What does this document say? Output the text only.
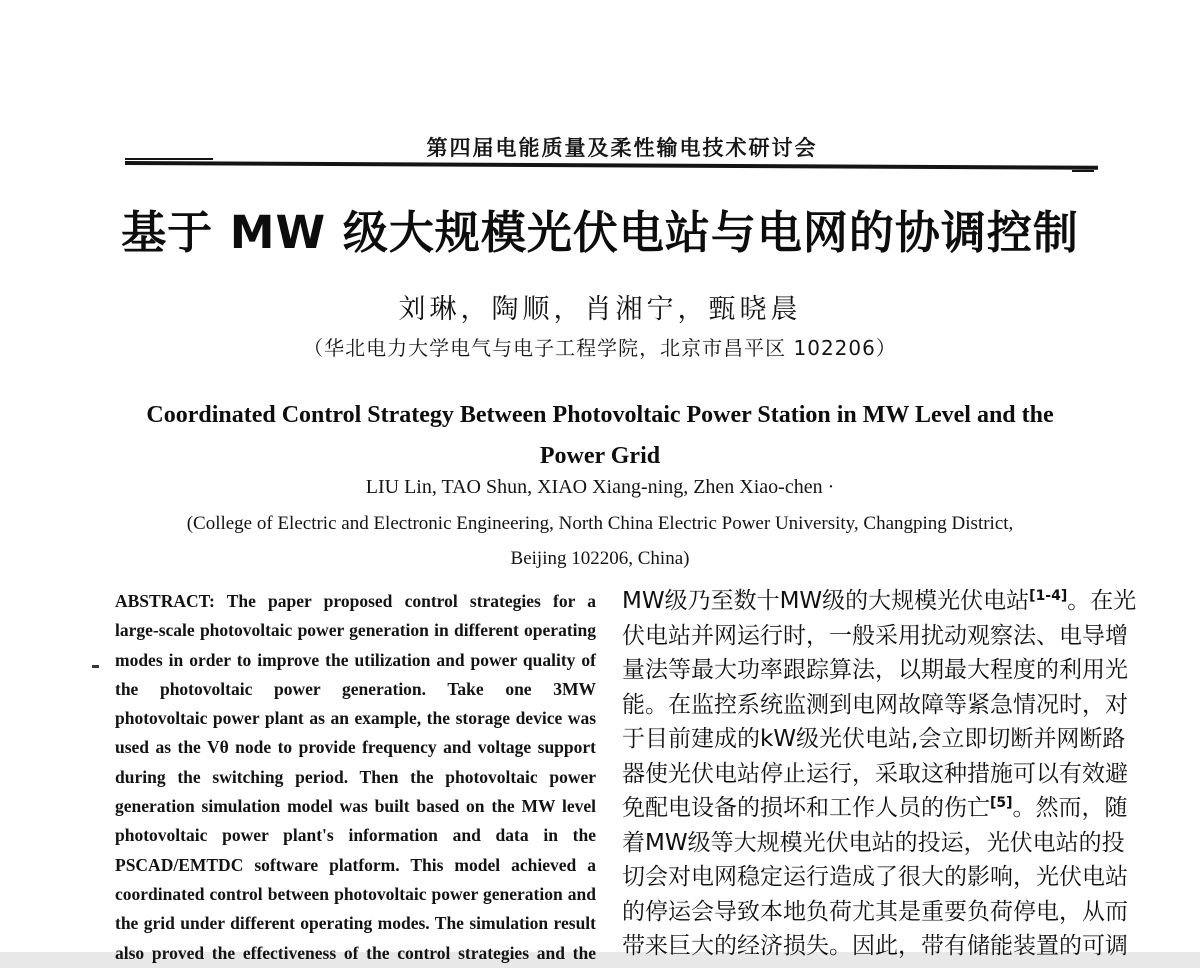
第四届电能质量及柔性输电技术研讨会
基于 MW 级大规模光伏电站与电网的协调控制
刘琳，陶顺，肖湘宁，甄晓晨
（华北电力大学电气与电子工程学院，北京市昌平区 102206）
Coordinated Control Strategy Between Photovoltaic Power Station in MW Level and the
Power Grid
LIU Lin, TAO Shun, XIAO Xiang-ning, Zhen Xiao-chen ·
(College of Electric and Electronic Engineering, North China Electric Power University, Changping District,
Beijing 102206, China)
ABSTRACT: The paper proposed control strategies for a
large-scale photovoltaic power generation in different operating
modes in order to improve the utilization and power quality of
the photovoltaic power generation. Take one 3MW
photovoltaic power plant as an example, the storage device was
used as the Vθ node to provide frequency and voltage support
during the switching period. Then the photovoltaic power
generation simulation model was built based on the MW level
photovoltaic power plant's information and data in the
PSCAD/EMTDC software platform. This model achieved a
coordinated control between photovoltaic power generation and
the grid under different operating modes. The simulation result
also proved the effectiveness of the control strategies and the
MW级乃至数十MW级的大规模光伏电站[1-4]。在光
伏电站并网运行时，一般采用扰动观察法、电导增
量法等最大功率跟踪算法，以期最大程度的利用光
能。在监控系统监测到电网故障等紧急情况时，对
于目前建成的kW级光伏电站,会立即切断并网断路
器使光伏电站停止运行，采取这种措施可以有效避
免配电设备的损坏和工作人员的伤亡[5]。然而，随
着MW级等大规模光伏电站的投运，光伏电站的投
切会对电网稳定运行造成了很大的影响，光伏电站
的停运会导致本地负荷尤其是重要负荷停电，从而
带来巨大的经济损失。因此，带有储能装置的可调
